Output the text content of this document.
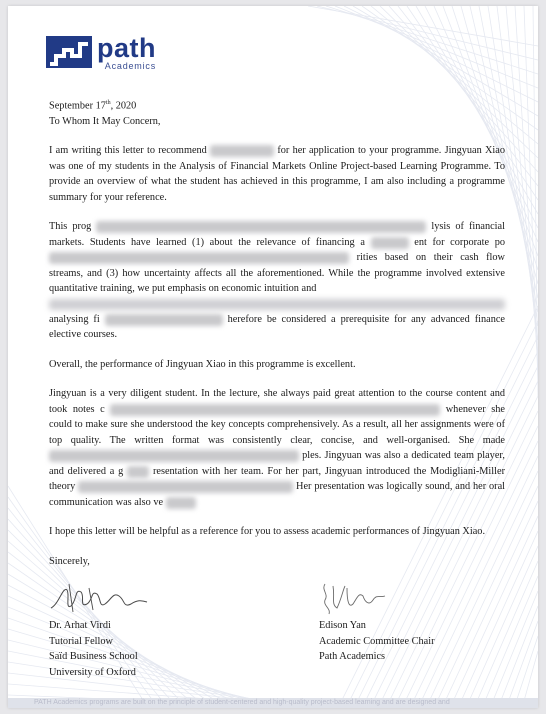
path
Academics

September 17th, 2020

To Whom It May Concern,

I am writing this letter to recommend	for her application to your programme. Jingyuan Xiao was one of my students in the Analysis of Financial Markets Online Project-based Learning Programme. To provide an overview of what the student has achieved in this programme, I am also including a programme summary for your reference.

This prog	lysis of financial markets. Students have learned (1) about the relevance of financing a	ent for corporate po  rities based on their cash flow streams, and (3) how uncertainty affects all the aforementioned. While the programme involved extensive quantitative training, we put emphasis on economic intuition and
analysing fi	herefore be considered a prerequisite for any advanced finance elective courses.

Overall, the performance of Jingyuan Xiao in this programme is excellent.

Jingyuan is a very diligent student. In the lecture, she always paid great attention to the course content and took notes c	whenever she could to make sure she understood the key concepts comprehensively. As a result, all her assignments were of top quality. The written format was consistently clear, concise, and well-organised. She made  ples. Jingyuan was also a dedicated team player, and delivered a g	resentation with her team. For her part, Jingyuan introduced the Modigliani-Miller theory	Her presentation was logically sound, and her oral communication was also ve

I hope this letter will be helpful as a reference for you to assess academic performances of Jingyuan Xiao.

Sincerely,

Dr. Arhat Virdi
Tutorial Fellow
Saïd Business School
University of Oxford
Edison Yan
Academic Committee Chair
Path Academics
PATH Academics programs are built on the principle of student-centered and high-quality project-based learning and are designed and
